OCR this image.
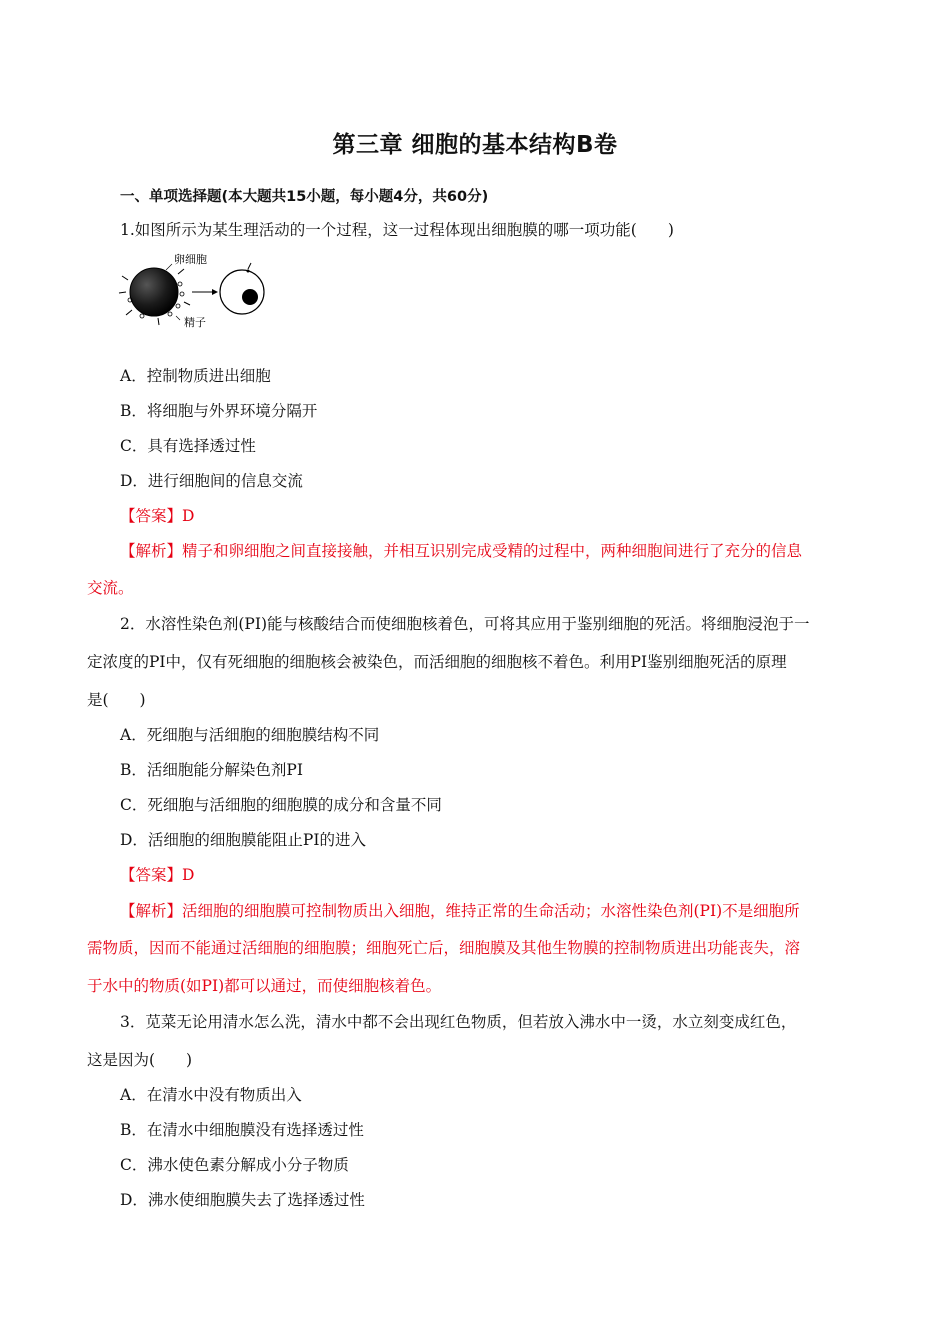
第三章 细胞的基本结构B卷
一、单项选择题(本大题共15小题，每小题4分，共60分)
1.如图所示为某生理活动的一个过程，这一过程体现出细胞膜的哪一项功能(　　)
卵细胞
精子
A．控制物质进出细胞
B．将细胞与外界环境分隔开
C．具有选择透过性
D．进行细胞间的信息交流
【答案】D
【解析】精子和卵细胞之间直接接触，并相互识别完成受精的过程中，两种细胞间进行了充分的信息
交流。
2．水溶性染色剂(PI)能与核酸结合而使细胞核着色，可将其应用于鉴别细胞的死活。将细胞浸泡于一
定浓度的PI中，仅有死细胞的细胞核会被染色，而活细胞的细胞核不着色。利用PI鉴别细胞死活的原理
是(　　)
A．死细胞与活细胞的细胞膜结构不同
B．活细胞能分解染色剂PI
C．死细胞与活细胞的细胞膜的成分和含量不同
D．活细胞的细胞膜能阻止PI的进入
【答案】D
【解析】活细胞的细胞膜可控制物质出入细胞，维持正常的生命活动；水溶性染色剂(PI)不是细胞所
需物质，因而不能通过活细胞的细胞膜；细胞死亡后，细胞膜及其他生物膜的控制物质进出功能丧失，溶
于水中的物质(如PI)都可以通过，而使细胞核着色。
3．苋菜无论用清水怎么洗，清水中都不会出现红色物质，但若放入沸水中一烫，水立刻变成红色，
这是因为(　　)
A．在清水中没有物质出入
B．在清水中细胞膜没有选择透过性
C．沸水使色素分解成小分子物质
D．沸水使细胞膜失去了选择透过性
